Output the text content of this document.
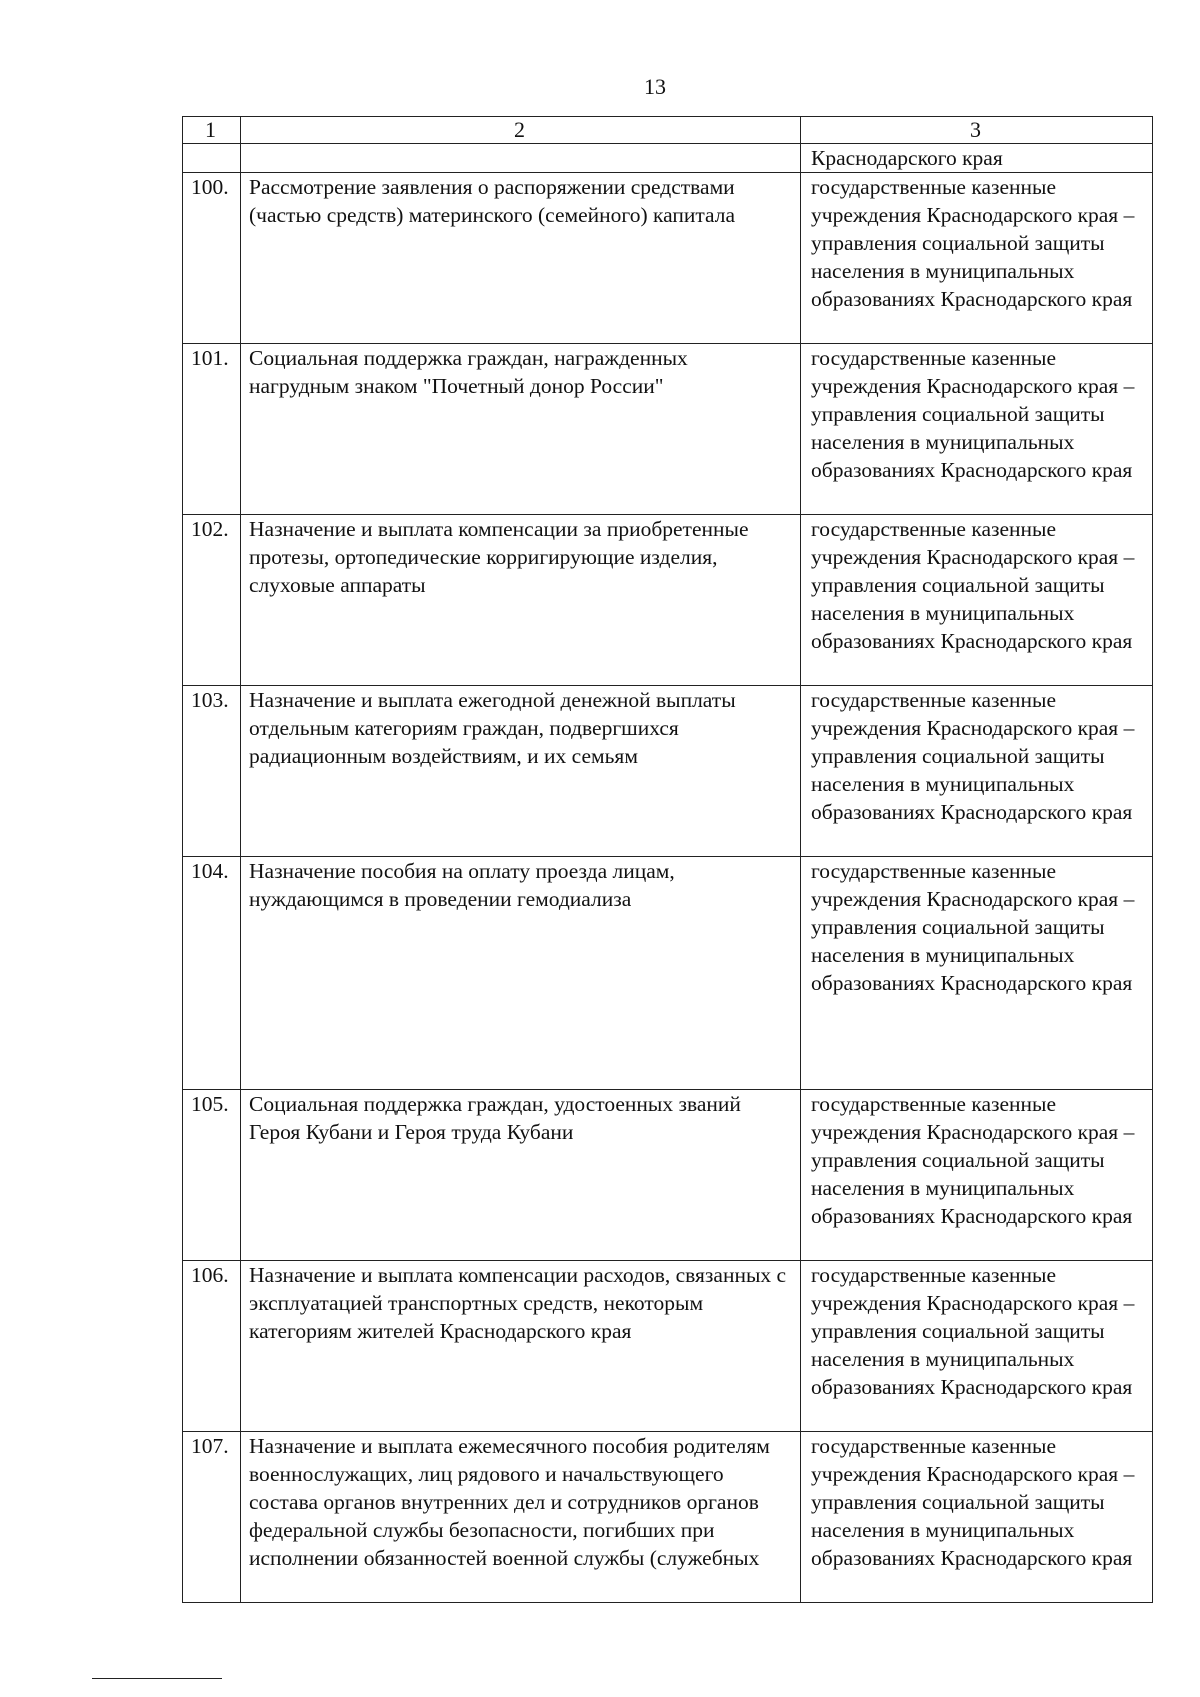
13
1	2	3
		Краснодарского края
100.	Рассмотрение заявления о распоряжении средствами (частью средств) материнского (семейного) капитала	государственные казенные учреждения Краснодарского края – управления социальной защиты населения в муниципальных образованиях Краснодарского края
101.	Социальная поддержка граждан, награжденных нагрудным знаком "Почетный донор России"	государственные казенные учреждения Краснодарского края – управления социальной защиты населения в муниципальных образованиях Краснодарского края
102.	Назначение и выплата компенсации за приобретенные протезы, ортопедические корригирующие изделия, слуховые аппараты	государственные казенные учреждения Краснодарского края – управления социальной защиты населения в муниципальных образованиях Краснодарского края
103.	Назначение и выплата ежегодной денежной выплаты отдельным категориям граждан, подвергшихся радиационным воздействиям, и их семьям	государственные казенные учреждения Краснодарского края – управления социальной защиты населения в муниципальных образованиях Краснодарского края
104.	Назначение пособия на оплату проезда лицам, нуждающимся в проведении гемодиализа	государственные казенные учреждения Краснодарского края – управления социальной защиты населения в муниципальных образованиях Краснодарского края
105.	Социальная поддержка граждан, удостоенных званий Героя Кубани и Героя труда Кубани	государственные казенные учреждения Краснодарского края – управления социальной защиты населения в муниципальных образованиях Краснодарского края
106.	Назначение и выплата компенсации расходов, связанных с эксплуатацией транспортных средств, некоторым категориям жителей Краснодарского края	государственные казенные учреждения Краснодарского края – управления социальной защиты населения в муниципальных образованиях Краснодарского края
107.	Назначение и выплата ежемесячного пособия родителям военнослужащих, лиц рядового и начальствующего состава органов внутренних дел и сотрудников органов федеральной службы безопасности, погибших при исполнении обязанностей военной службы (служебных	государственные казенные учреждения Краснодарского края – управления социальной защиты населения в муниципальных образованиях Краснодарского края
